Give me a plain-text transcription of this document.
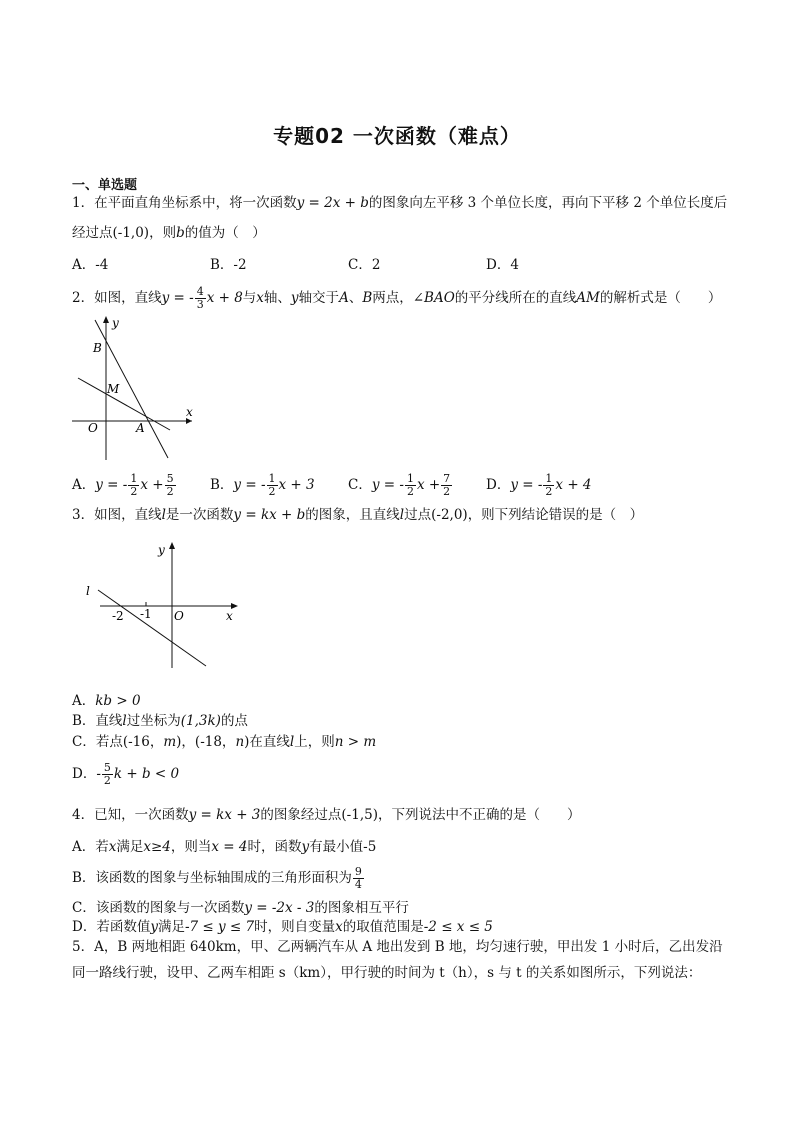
专题02 一次函数（难点）
一、单选题
1．在平面直角坐标系中，将一次函数y = 2x + b的图象向左平移 3 个单位长度，再向下平移 2 个单位长度后
经过点(-1,0)，则b的值为（　）
A．-4	B．-2	C．2	D．4
2．如图，直线y = - $\frac{4}{3}$ x + 8与x轴、y轴交于A、B两点，∠BAO的平分线所在的直线AM的解析式是（　　）
y
x
B
M
O	A
A．y = - $\frac{1}{2}$ $x + \frac{5}{2}$	B．y = - $\frac{1}{2}$ x + 3 C．y = - $\frac{1}{2}$ $x + \frac{7}{2}$	D．y = - $\frac{1}{2}$ x + 4
3．如图，直线l是一次函数y = kx + b的图象，且直线l过点(-2,0)，则下列结论错误的是（　）
y
l
-2 -1 O	x
A．kb > 0
B．直线l过坐标为(1,3k)的点
C．若点(-16，m)，(-18，n)在直线l上，则n > m
D．- $\frac{5}{2}$ k + b < 0
4．已知，一次函数y = kx + 3的图象经过点(-1,5)，下列说法中不正确的是（　　）
A．若x满足x≥4，则当x = 4时，函数y有最小值-5
B．该函数的图象与坐标轴围成的三角形面积为 $\frac{9}{4}$
C．该函数的图象与一次函数y = -2x - 3的图象相互平行
D．若函数值y满足-7 ≤ y ≤ 7时，则自变量x的取值范围是-2 ≤ x ≤ 5
5．A，B 两地相距 640km，甲、乙两辆汽车从 A 地出发到 B 地，均匀速行驶，甲出发 1 小时后，乙出发沿
同一路线行驶，设甲、乙两车相距 s（km），甲行驶的时间为 t（h），s 与 t 的关系如图所示，下列说法：
